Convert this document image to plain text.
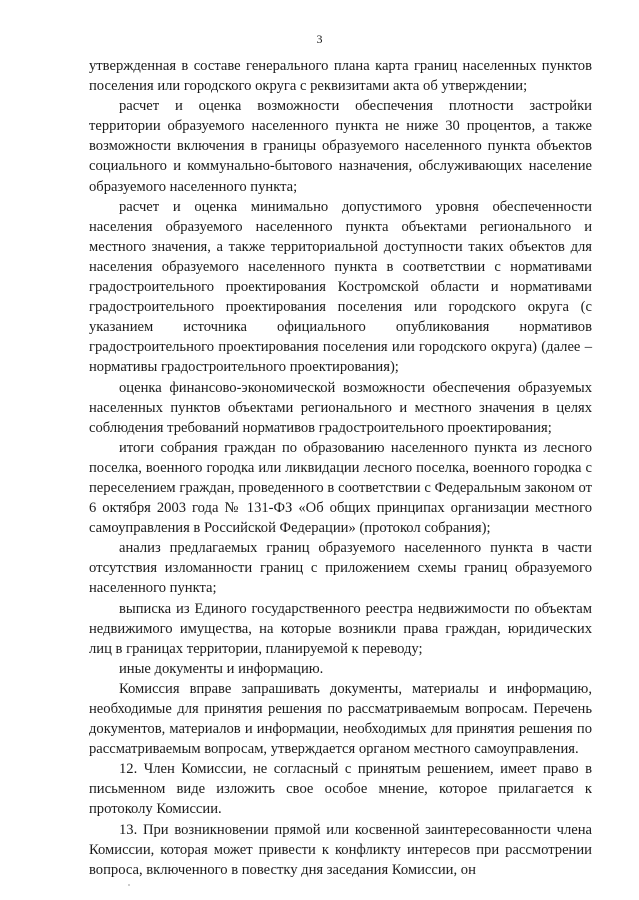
3

утвержденная в составе генерального плана карта границ населенных пунктов поселения или городского округа с реквизитами акта об утверждении;

расчет и оценка возможности обеспечения плотности застройки территории образуемого населенного пункта не ниже 30 процентов, а также возможности включения в границы образуемого населенного пункта объектов социального и коммунально-бытового назначения, обслуживающих население образуемого населенного пункта;

расчет и оценка минимально допустимого уровня обеспеченности населения образуемого населенного пункта объектами регионального и местного значения, а также территориальной доступности таких объектов для населения образуемого населенного пункта в соответствии с нормативами градостроительного проектирования Костромской области и нормативами градостроительного проектирования поселения или городского округа (с указанием источника официального опубликования нормативов градостроительного проектирования поселения или городского округа) (далее – нормативы градостроительного проектирования);

оценка финансово-экономической возможности обеспечения образуемых населенных пунктов объектами регионального и местного значения в целях соблюдения требований нормативов градостроительного проектирования;

итоги собрания граждан по образованию населенного пункта из лесного поселка, военного городка или ликвидации лесного поселка, военного городка с переселением граждан, проведенного в соответствии с Федеральным законом от 6 октября 2003 года № 131-ФЗ «Об общих принципах организации местного самоуправления в Российской Федерации» (протокол собрания);

анализ предлагаемых границ образуемого населенного пункта в части отсутствия изломанности границ с приложением схемы границ образуемого населенного пункта;

выписка из Единого государственного реестра недвижимости по объектам недвижимого имущества, на которые возникли права граждан, юридических лиц в границах территории, планируемой к переводу;

иные документы и информацию.

Комиссия вправе запрашивать документы, материалы и информацию, необходимые для принятия решения по рассматриваемым вопросам. Перечень документов, материалов и информации, необходимых для принятия решения по рассматриваемым вопросам, утверждается органом местного самоуправления.

12. Член Комиссии, не согласный с принятым решением, имеет право в письменном виде изложить свое особое мнение, которое прилагается к протоколу Комиссии.

13. При возникновении прямой или косвенной заинтересованности члена Комиссии, которая может привести к конфликту интересов при рассмотрении вопроса, включенного в повестку дня заседания Комиссии, он
